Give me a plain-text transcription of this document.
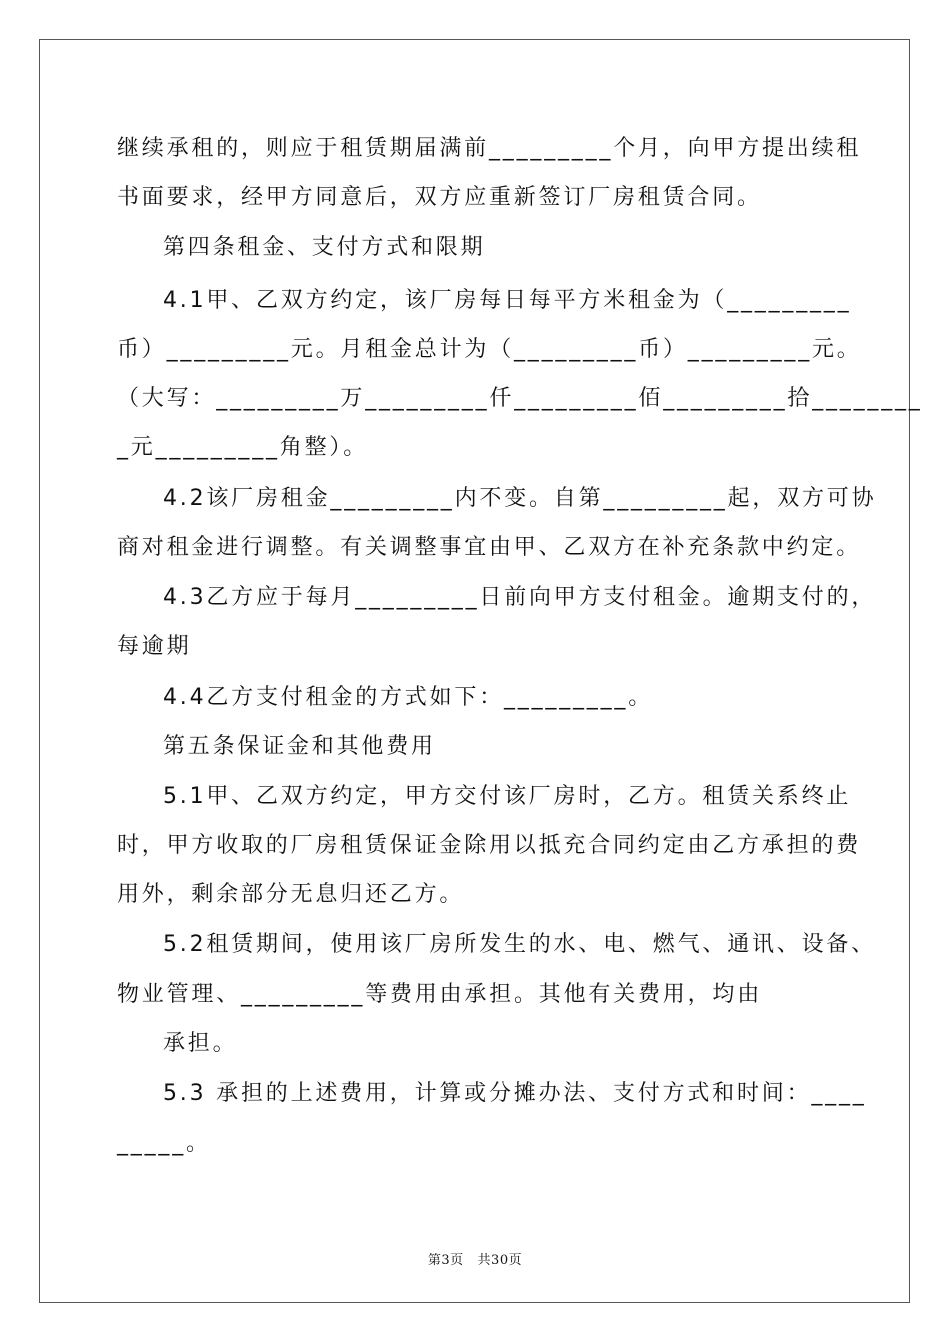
继续承租的，则应于租赁期届满前_________个月，向甲方提出续租
书面要求，经甲方同意后，双方应重新签订厂房租赁合同。
第四条租金、支付方式和限期
4.1甲、乙双方约定，该厂房每日每平方米租金为（_________
币）_________元。月租金总计为（_________币）_________元。
（大写：_________万_________仟_________佰_________拾________
_元_________角整）。
4.2该厂房租金_________内不变。自第_________起，双方可协
商对租金进行调整。有关调整事宜由甲、乙双方在补充条款中约定。
4.3乙方应于每月_________日前向甲方支付租金。逾期支付的，
每逾期
4.4乙方支付租金的方式如下：_________。
第五条保证金和其他费用
5.1甲、乙双方约定，甲方交付该厂房时，乙方。租赁关系终止
时，甲方收取的厂房租赁保证金除用以抵充合同约定由乙方承担的费
用外，剩余部分无息归还乙方。
5.2租赁期间，使用该厂房所发生的水、电、燃气、通讯、设备、
物业管理、_________等费用由承担。其他有关费用，均由
承担。
5.3 承担的上述费用，计算或分摊办法、支付方式和时间：____
_____。
第3页   共30页
